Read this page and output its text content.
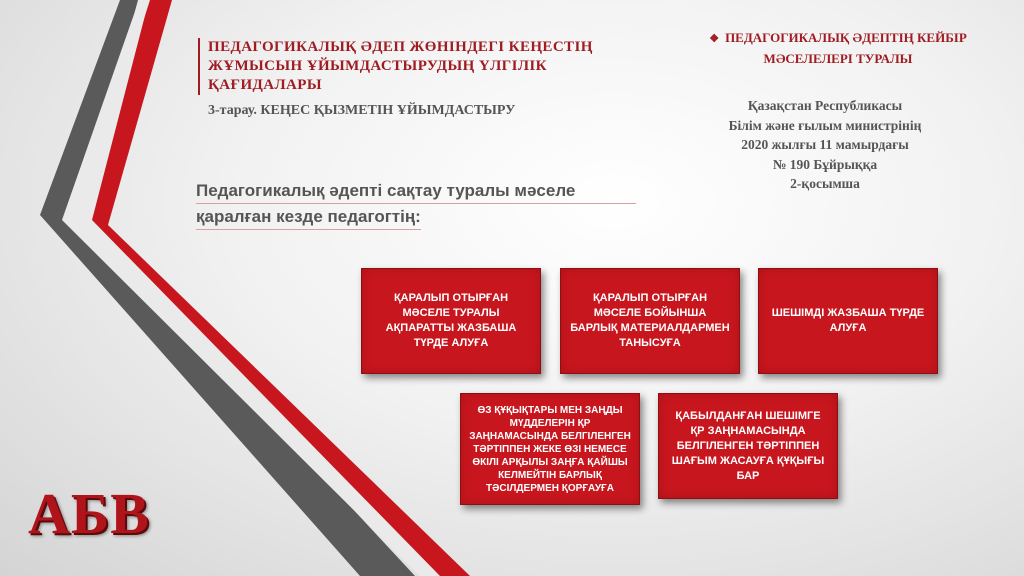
ПЕДАГОГИКАЛЫҚ ӘДЕП ЖӨНІНДЕГІ КЕҢЕСТІҢ ЖҰМЫСЫН ҰЙЫМДАСТЫРУДЫҢ ҮЛГІЛІК ҚАҒИДАЛАРЫ
3-тарау. КЕҢЕС ҚЫЗМЕТІН ҰЙЫМДАСТЫРУ
❖ ПЕДАГОГИКАЛЫҚ ӘДЕПТІҢ КЕЙБІР МӘСЕЛЕЛЕРІ ТУРАЛЫ
Қазақстан Республикасы
Білім және ғылым министрінің
2020 жылғы 11 мамырдағы
№ 190 Бұйрыққа
2-қосымша
Педагогикалық әдепті сақтау туралы мәселе
қаралған кезде педагогтің:
ҚАРАЛЫП ОТЫРҒАН МӘСЕЛЕ ТУРАЛЫ АҚПАРАТТЫ ЖАЗБАША ТҮРДЕ АЛУҒА
ҚАРАЛЫП ОТЫРҒАН МӘСЕЛЕ БОЙЫНША БАРЛЫҚ МАТЕРИАЛДАРМЕН ТАНЫСУҒА
ШЕШІМДІ ЖАЗБАША ТҮРДЕ АЛУҒА
ӨЗ ҚҰҚЫҚТАРЫ МЕН ЗАҢДЫ МҮДДЕЛЕРІН ҚР ЗАҢНАМАСЫНДА БЕЛГІЛЕНГЕН ТӘРТІППЕН ЖЕКЕ ӨЗІ НЕМЕСЕ ӨКІЛІ АРҚЫЛЫ ЗАҢҒА ҚАЙШЫ КЕЛМЕЙТІН БАРЛЫҚ ТӘСІЛДЕРМЕН ҚОРҒАУҒА
ҚАБЫЛДАНҒАН ШЕШІМГЕ ҚР ЗАҢНАМАСЫНДА БЕЛГІЛЕНГЕН ТӘРТІППЕН ШАҒЫМ ЖАСАУҒА ҚҰҚЫҒЫ БАР
АБВ
